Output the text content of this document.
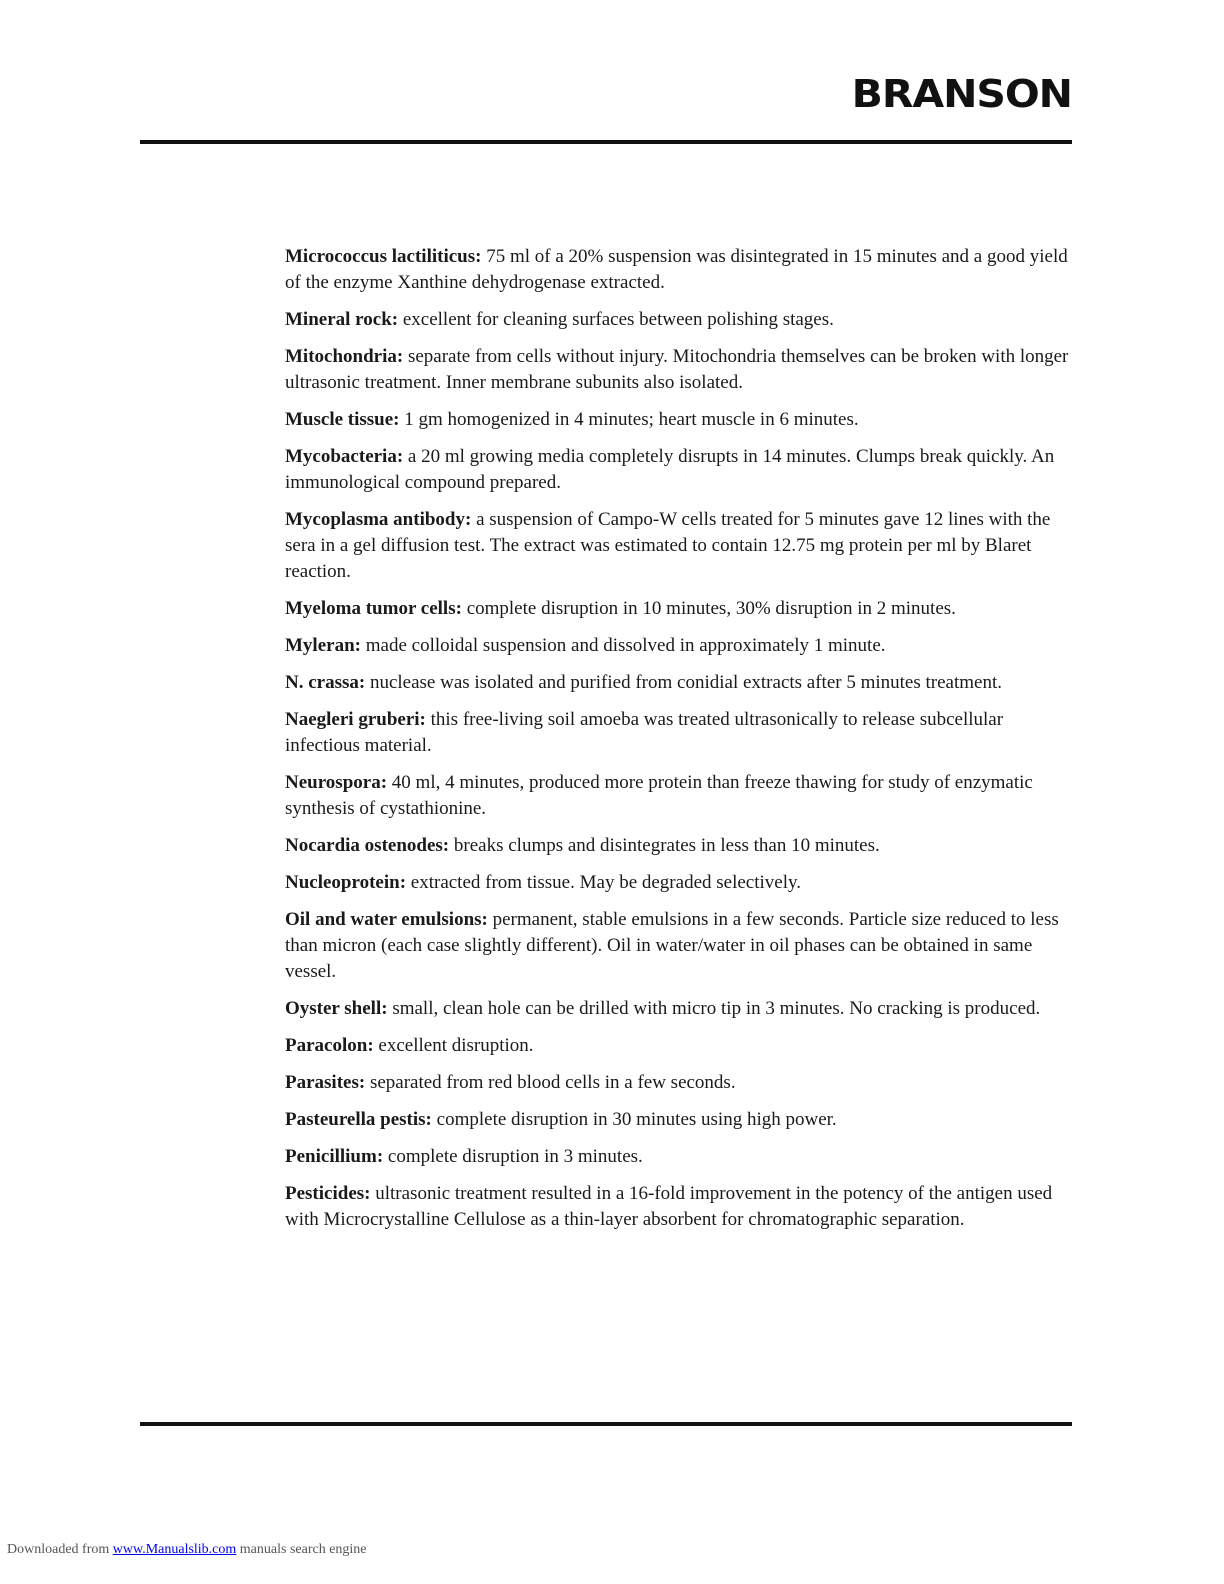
BRANSON

Micrococcus lactiliticus: 75 ml of a 20% suspension was disintegrated in 15 minutes and a good yield of the enzyme Xanthine dehydrogenase extracted.

Mineral rock: excellent for cleaning surfaces between polishing stages.

Mitochondria: separate from cells without injury. Mitochondria themselves can be broken with longer ultrasonic treatment. Inner membrane subunits also isolated.

Muscle tissue: 1 gm homogenized in 4 minutes; heart muscle in 6 minutes.

Mycobacteria: a 20 ml growing media completely disrupts in 14 minutes. Clumps break quickly. An immunological compound prepared.

Mycoplasma antibody: a suspension of Campo-W cells treated for 5 minutes gave 12 lines with the sera in a gel diffusion test. The extract was estimated to contain 12.75 mg protein per ml by Blaret reaction.

Myeloma tumor cells: complete disruption in 10 minutes, 30% disruption in 2 minutes.

Myleran: made colloidal suspension and dissolved in approximately 1 minute.

N. crassa: nuclease was isolated and purified from conidial extracts after 5 minutes treatment.

Naegleri gruberi: this free-living soil amoeba was treated ultrasonically to release subcellular infectious material.

Neurospora: 40 ml, 4 minutes, produced more protein than freeze thawing for study of enzymatic synthesis of cystathionine.

Nocardia ostenodes: breaks clumps and disintegrates in less than 10 minutes.

Nucleoprotein: extracted from tissue. May be degraded selectively.

Oil and water emulsions: permanent, stable emulsions in a few seconds. Particle size reduced to less than micron (each case slightly different). Oil in water/water in oil phases can be obtained in same vessel.

Oyster shell: small, clean hole can be drilled with micro tip in 3 minutes. No cracking is produced.

Paracolon: excellent disruption.

Parasites: separated from red blood cells in a few seconds.

Pasteurella pestis: complete disruption in 30 minutes using high power.

Penicillium: complete disruption in 3 minutes.

Pesticides: ultrasonic treatment resulted in a 16-fold improvement in the potency of the antigen used with Microcrystalline Cellulose as a thin-layer absorbent for chromatographic separation.

Downloaded from www.Manualslib.com manuals search engine
